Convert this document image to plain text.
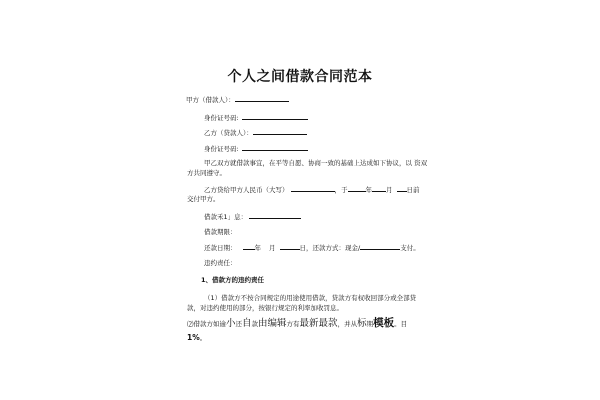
个人之间借款合同范本
甲方（借款人）：
身份证号码:
乙方（贷款人）：
身份证号码:
甲乙双方就借款事宜，在平等自愿、协商一致的基础上达成如下协议，以 资双
方共同遵守。
乙方贷给甲方人民币（大写）	，于	年 月 日前
交付甲方。
借款禾1」息：
借款期限：
还款日期：	年 月	日，还款方式：现金/	支付。
违约责任：
1、借款方的违约责任
（1）借款方不按合同规定的用途使用借款，贷款方有权收回部分或全部贷
款，对违约使用的部分，按银行规定的利率加收罚息。
⑵借款方如逾小还自款由编辑方有最新最款，并从标期模板。目
1%。
